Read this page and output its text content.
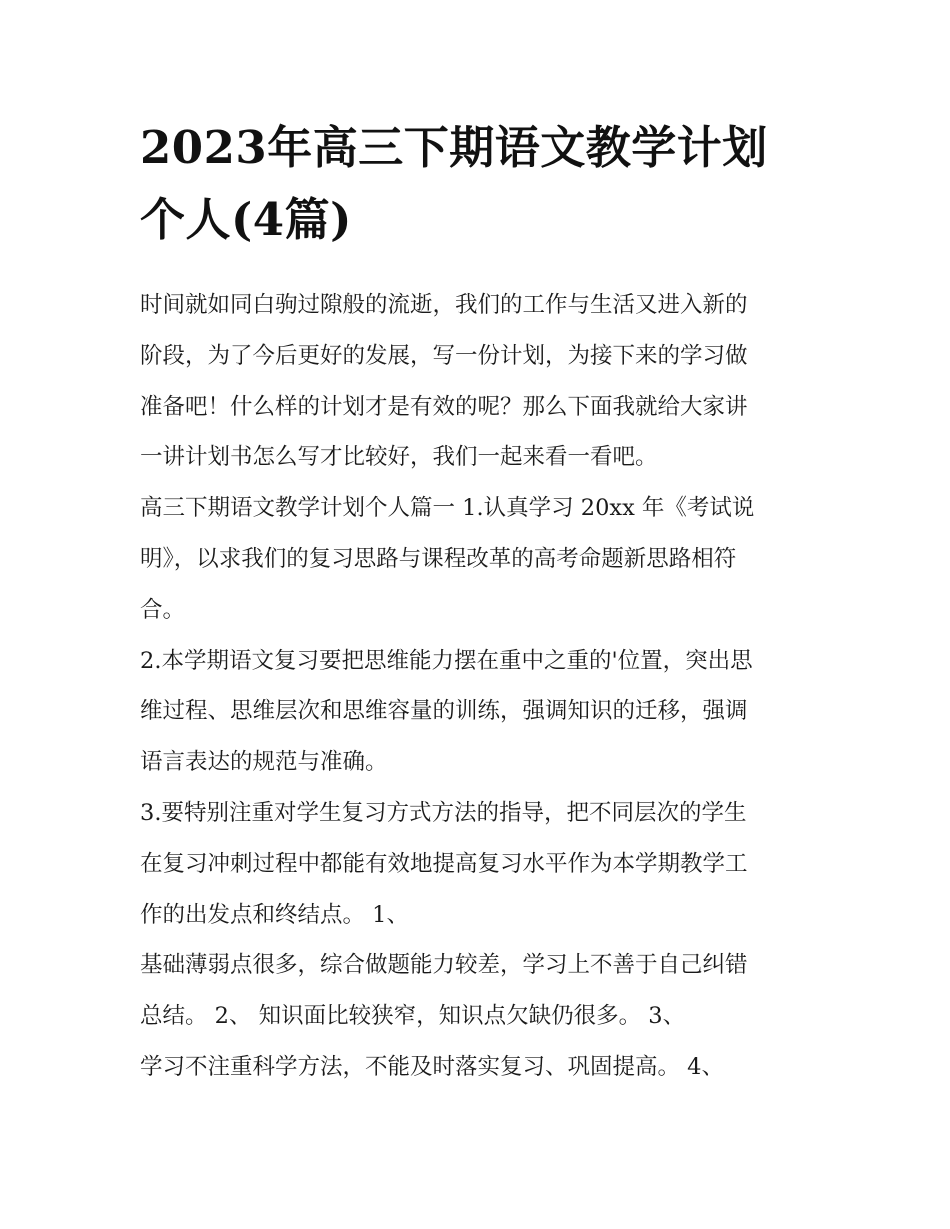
2023年高三下期语文教学计划
个人(4篇)
时间就如同白驹过隙般的流逝，我们的工作与生活又进入新的
阶段，为了今后更好的发展，写一份计划，为接下来的学习做
准备吧！什么样的计划才是有效的呢？那么下面我就给大家讲
一讲计划书怎么写才比较好，我们一起来看一看吧。
高三下期语文教学计划个人篇一 1.认真学习 20xx 年《考试说
明》，以求我们的复习思路与课程改革的高考命题新思路相符
合。
2.本学期语文复习要把思维能力摆在重中之重的'位置，突出思
维过程、思维层次和思维容量的训练，强调知识的迁移，强调
语言表达的规范与准确。
3.要特别注重对学生复习方式方法的指导，把不同层次的学生
在复习冲刺过程中都能有效地提高复习水平作为本学期教学工
作的出发点和终结点。 1、
基础薄弱点很多，综合做题能力较差，学习上不善于自己纠错
总结。 2、 知识面比较狭窄，知识点欠缺仍很多。 3、
学习不注重科学方法，不能及时落实复习、巩固提高。 4、
